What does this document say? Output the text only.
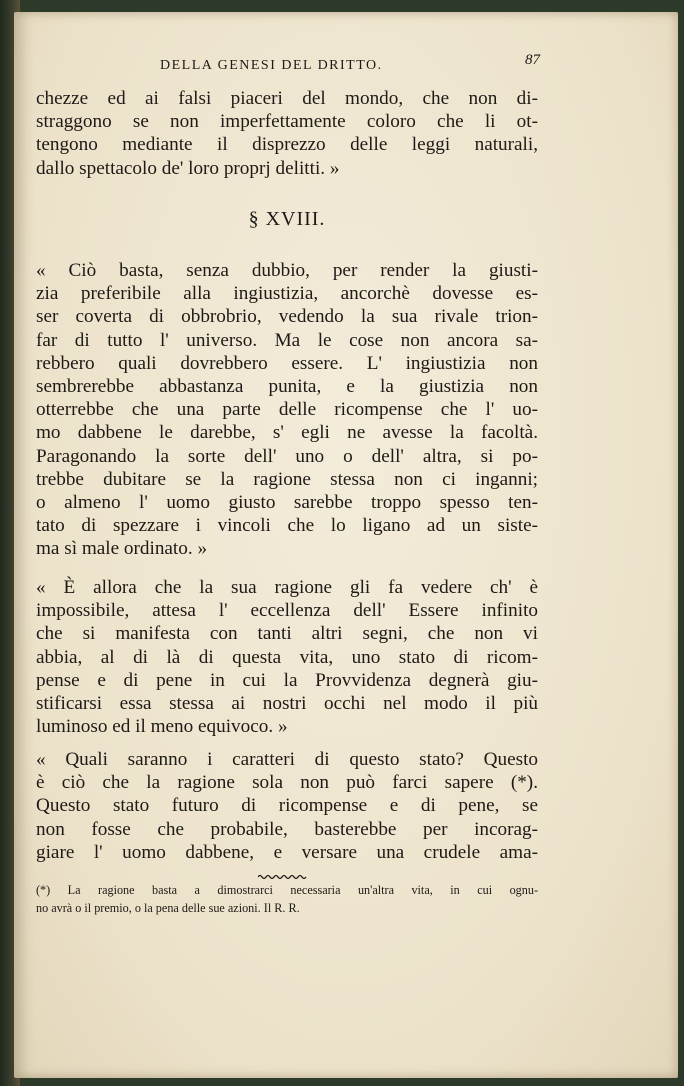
DELLA GENESI DEL DRITTO.	87
chezze ed ai falsi piaceri del mondo, che non di-
straggono se non imperfettamente coloro che li ot-
tengono mediante il disprezzo delle leggi naturali,
dallo spettacolo de' loro proprj delitti. »
§ XVIII.
« Ciò basta, senza dubbio, per render la giusti-
zia preferibile alla ingiustizia, ancorchè dovesse es-
ser coverta di obbrobrio, vedendo la sua rivale trion-
far di tutto l' universo. Ma le cose non ancora sa-
rebbero quali dovrebbero essere. L' ingiustizia non
sembrerebbe abbastanza punita, e la giustizia non
otterrebbe che una parte delle ricompense che l' uo-
mo dabbene le darebbe, s' egli ne avesse la facoltà.
Paragonando la sorte dell' uno o dell' altra, si po-
trebbe dubitare se la ragione stessa non ci inganni;
o almeno l' uomo giusto sarebbe troppo spesso ten-
tato di spezzare i vincoli che lo ligano ad un siste-
ma sì male ordinato. »
« È allora che la sua ragione gli fa vedere ch' è
impossibile, attesa l' eccellenza dell' Essere infinito
che si manifesta con tanti altri segni, che non vi
abbia, al di là di questa vita, uno stato di ricom-
pense e di pene in cui la Provvidenza degnerà giu-
stificarsi essa stessa ai nostri occhi nel modo il più
luminoso ed il meno equivoco. »
« Quali saranno i caratteri di questo stato? Questo
è ciò che la ragione sola non può farci sapere (*).
Questo stato futuro di ricompense e di pene, se
non fosse che probabile, basterebbe per incorag-
giare l' uomo dabbene, e versare una crudele ama-
(*) La ragione basta a dimostrarci necessaria un'altra vita, in cui ognu-
no avrà o il premio, o la pena delle sue azioni. Il R. R.
